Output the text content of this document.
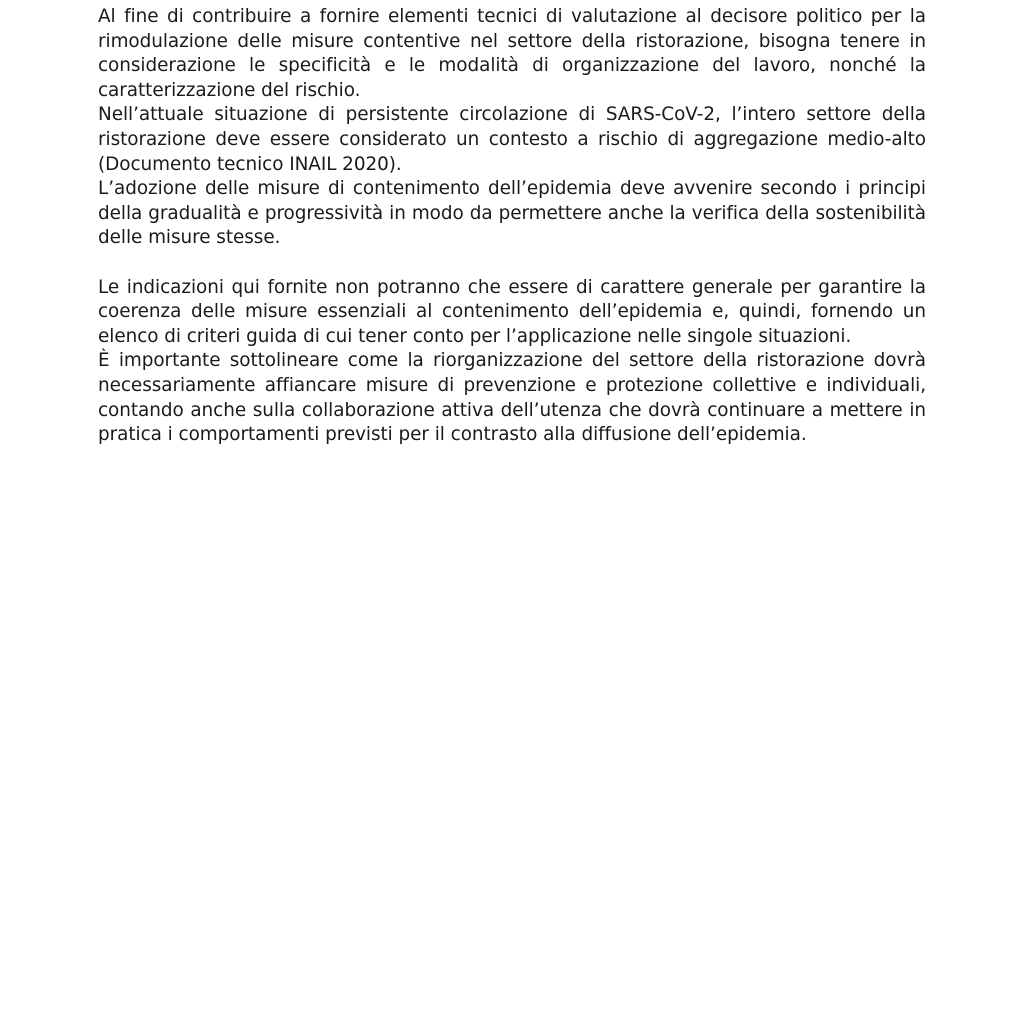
Al fine di contribuire a fornire elementi tecnici di valutazione al decisore politico per la rimodulazione delle misure contentive nel settore della ristorazione, bisogna tenere in considerazione le specificità e le modalità di organizzazione del lavoro, nonché la caratterizzazione del rischio.

Nell’attuale situazione di persistente circolazione di SARS-CoV-2, l’intero settore della ristorazione deve essere considerato un contesto a rischio di aggregazione medio-alto (Documento tecnico INAIL 2020).

L’adozione delle misure di contenimento dell’epidemia deve avvenire secondo i principi della gradualità e progressività in modo da permettere anche la verifica della sostenibilità delle misure stesse.

Le indicazioni qui fornite non potranno che essere di carattere generale per garantire la coerenza delle misure essenziali al contenimento dell’epidemia e, quindi, fornendo un elenco di criteri guida di cui tener conto per l’applicazione nelle singole situazioni.

È importante sottolineare come la riorganizzazione del settore della ristorazione dovrà necessariamente affiancare misure di prevenzione e protezione collettive e individuali, contando anche sulla collaborazione attiva dell’utenza che dovrà continuare a mettere in pratica i comportamenti previsti per il contrasto alla diffusione dell’epidemia.
